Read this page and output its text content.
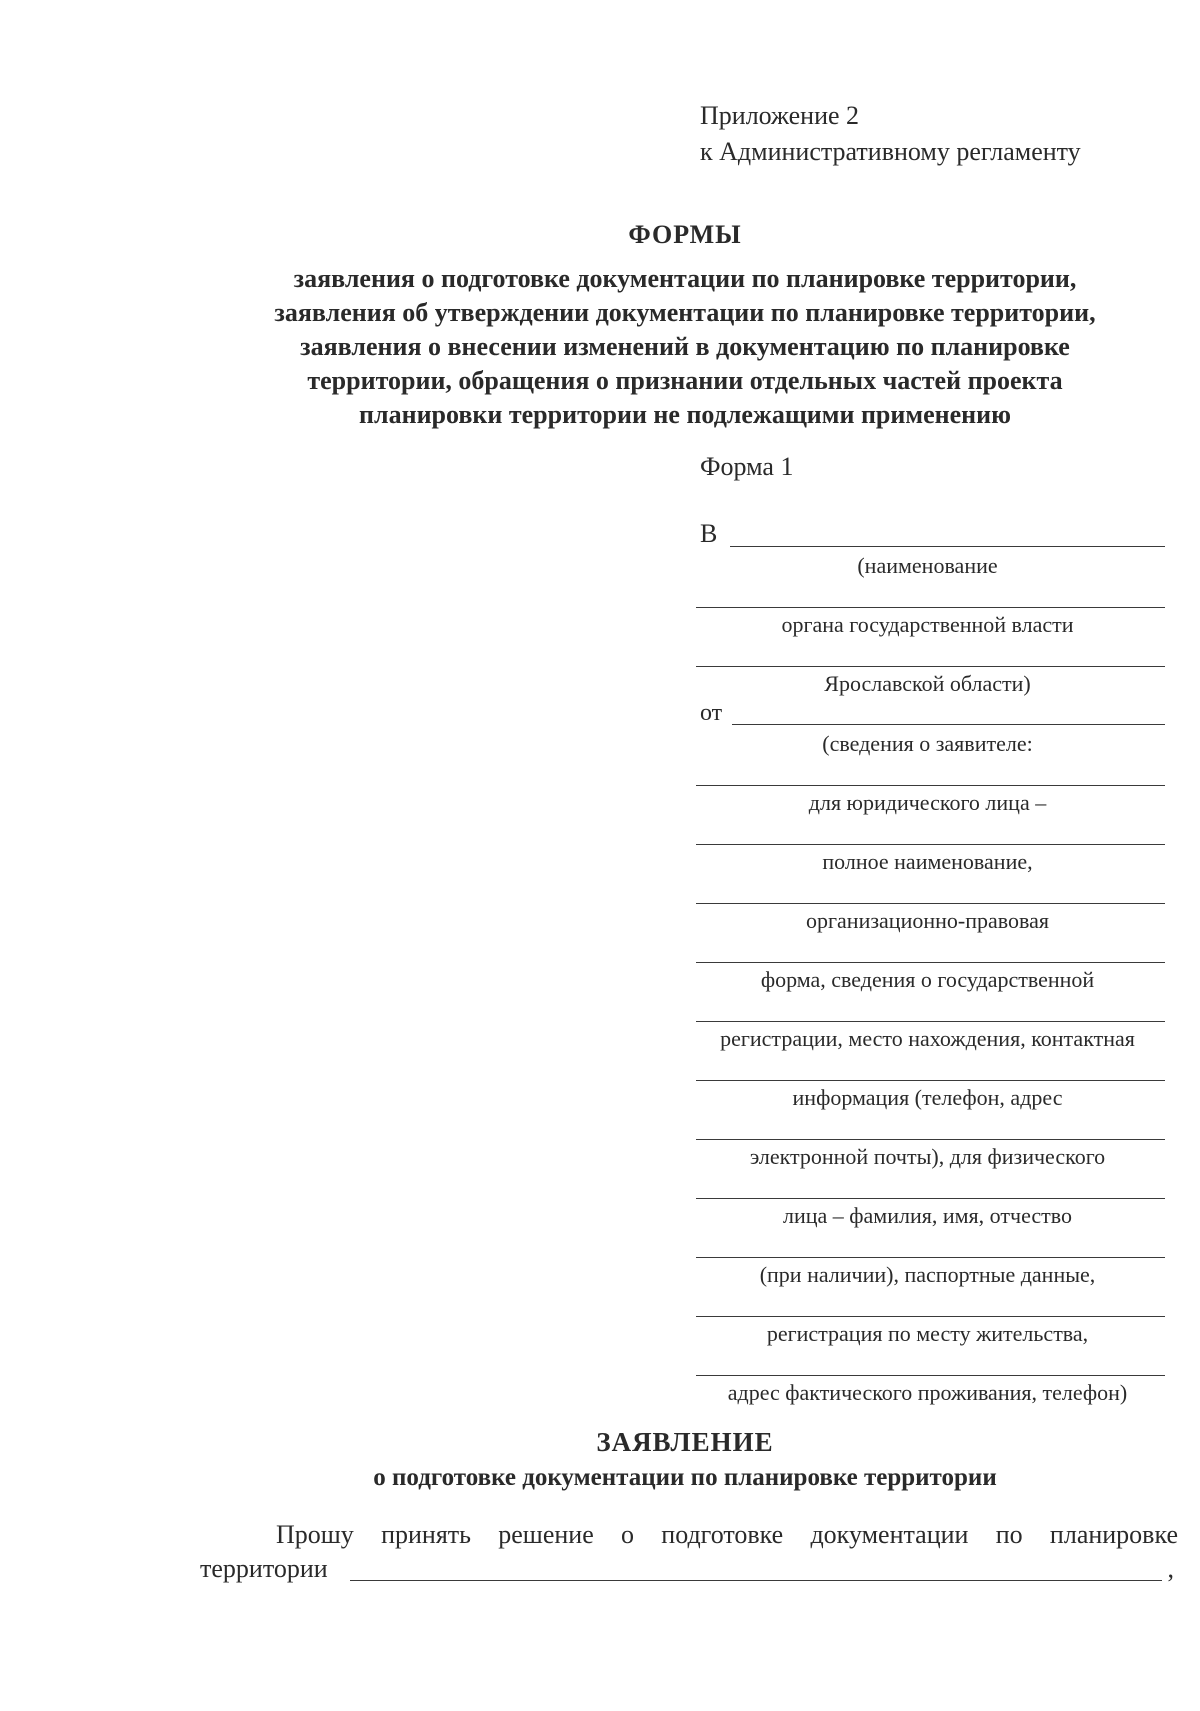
Приложение 2
к Административному регламенту
ФОРМЫ
заявления о подготовке документации по планировке территории,
заявления об утверждении документации по планировке территории,
заявления о внесении изменений в документацию по планировке
территории, обращения о признании отдельных частей проекта
планировки территории не подлежащими применению
Форма 1
В
(наименование
органа государственной власти
Ярославской области)
от
(сведения о заявителе:
для юридического лица –
полное наименование,
организационно-правовая
форма, сведения о государственной
регистрации, место нахождения, контактная
информация (телефон, адрес
электронной почты), для физического
лица – фамилия, имя, отчество
(при наличии), паспортные данные,
регистрация по месту жительства,
адрес фактического проживания, телефон)
ЗАЯВЛЕНИЕ
о подготовке документации по планировке территории
Прошу принять решение о подготовке документации по планировке
территории	,
